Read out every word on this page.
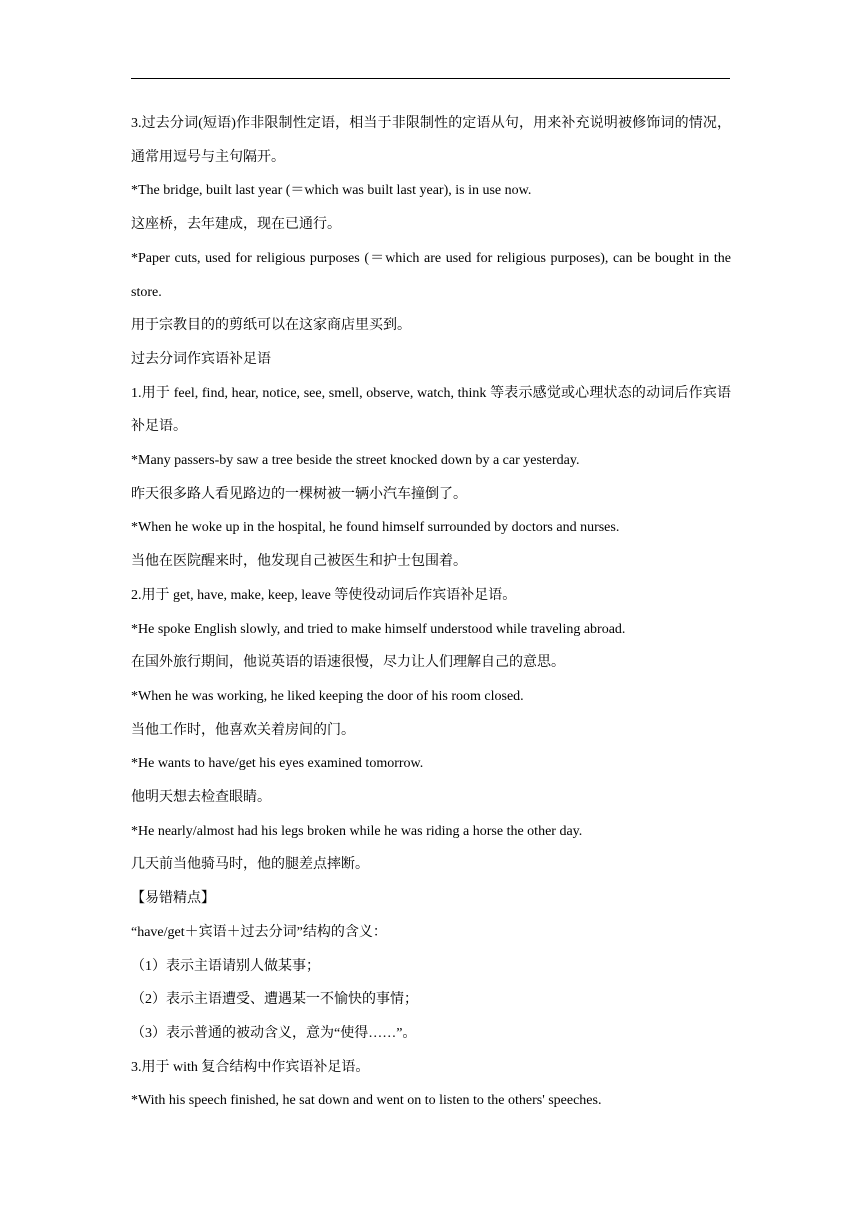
3.过去分词(短语)作非限制性定语，相当于非限制性的定语从句，用来补充说明被修饰词的情况，通常用逗号与主句隔开。

*The bridge, built last year (＝which was built last year), is in use now.

这座桥，去年建成，现在已通行。

*Paper cuts, used for religious purposes (＝which are used for religious purposes), can be bought in the store.

用于宗教目的的剪纸可以在这家商店里买到。

过去分词作宾语补足语

1.用于 feel, find, hear, notice, see, smell, observe, watch, think 等表示感觉或心理状态的动词后作宾语补足语。

*Many passers-by saw a tree beside the street knocked down by a car yesterday.

昨天很多路人看见路边的一棵树被一辆小汽车撞倒了。

*When he woke up in the hospital, he found himself surrounded by doctors and nurses.

当他在医院醒来时，他发现自己被医生和护士包围着。

2.用于 get, have, make, keep, leave 等使役动词后作宾语补足语。

*He spoke English slowly, and tried to make himself understood while traveling abroad.

在国外旅行期间，他说英语的语速很慢，尽力让人们理解自己的意思。

*When he was working, he liked keeping the door of his room closed.

当他工作时，他喜欢关着房间的门。

*He wants to have/get his eyes examined tomorrow.

他明天想去检查眼睛。

*He nearly/almost had his legs broken while he was riding a horse the other day.

几天前当他骑马时，他的腿差点摔断。

【易错精点】

“have/get＋宾语＋过去分词”结构的含义：

（1）表示主语请别人做某事；

（2）表示主语遭受、遭遇某一不愉快的事情；

（3）表示普通的被动含义，意为“使得……”。

3.用于 with 复合结构中作宾语补足语。

*With his speech finished, he sat down and went on to listen to the others' speeches.
